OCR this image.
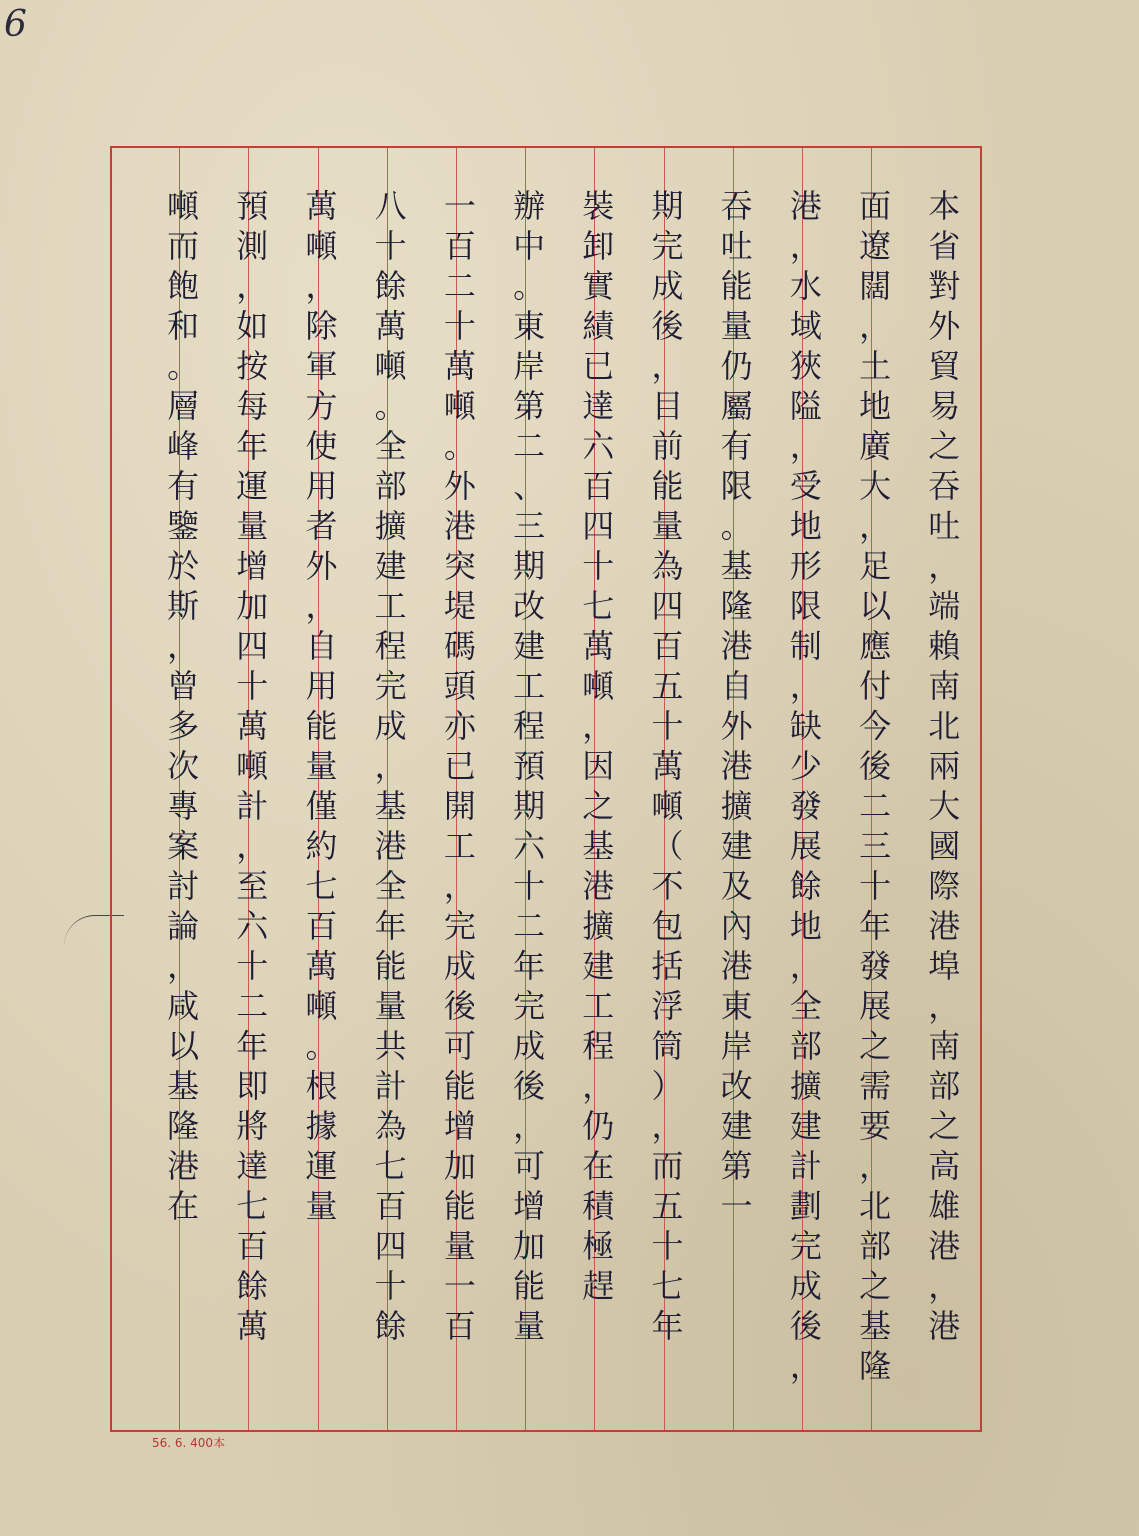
6
本
省
對
外
貿
易
之
吞
吐
，
端
賴
南
北
兩
大
國
際
港
埠
，
南
部
之
高
雄
港
，
港
面
遼
闊
，
土
地
廣
大
，
足
以
應
付
今
後
二
三
十
年
發
展
之
需
要
，
北
部
之
基
隆
港
，
水
域
狹
隘
，
受
地
形
限
制
，
缺
少
發
展
餘
地
，
全
部
擴
建
計
劃
完
成
後
，
吞
吐
能
量
仍
屬
有
限
。
基
隆
港
自
外
港
擴
建
及
內
港
東
岸
改
建
第
一
期
完
成
後
，
目
前
能
量
為
四
百
五
十
萬
噸
（
不
包
括
浮
筒
）
，
而
五
十
七
年
裝
卸
實
績
已
達
六
百
四
十
七
萬
噸
，
因
之
基
港
擴
建
工
程
，
仍
在
積
極
趕
辦
中
。
東
岸
第
二
、
三
期
改
建
工
程
預
期
六
十
二
年
完
成
後
，
可
增
加
能
量
一
百
二
十
萬
噸
。
外
港
突
堤
碼
頭
亦
已
開
工
，
完
成
後
可
能
增
加
能
量
一
百
八
十
餘
萬
噸
。
全
部
擴
建
工
程
完
成
，
基
港
全
年
能
量
共
計
為
七
百
四
十
餘
萬
噸
，
除
軍
方
使
用
者
外
，
自
用
能
量
僅
約
七
百
萬
噸
。
根
據
運
量
預
測
，
如
按
每
年
運
量
增
加
四
十
萬
噸
計
，
至
六
十
二
年
即
將
達
七
百
餘
萬
噸
而
飽
和
。
層
峰
有
鑒
於
斯
，
曾
多
次
專
案
討
論
，
咸
以
基
隆
港
在
56. 6. 400本
